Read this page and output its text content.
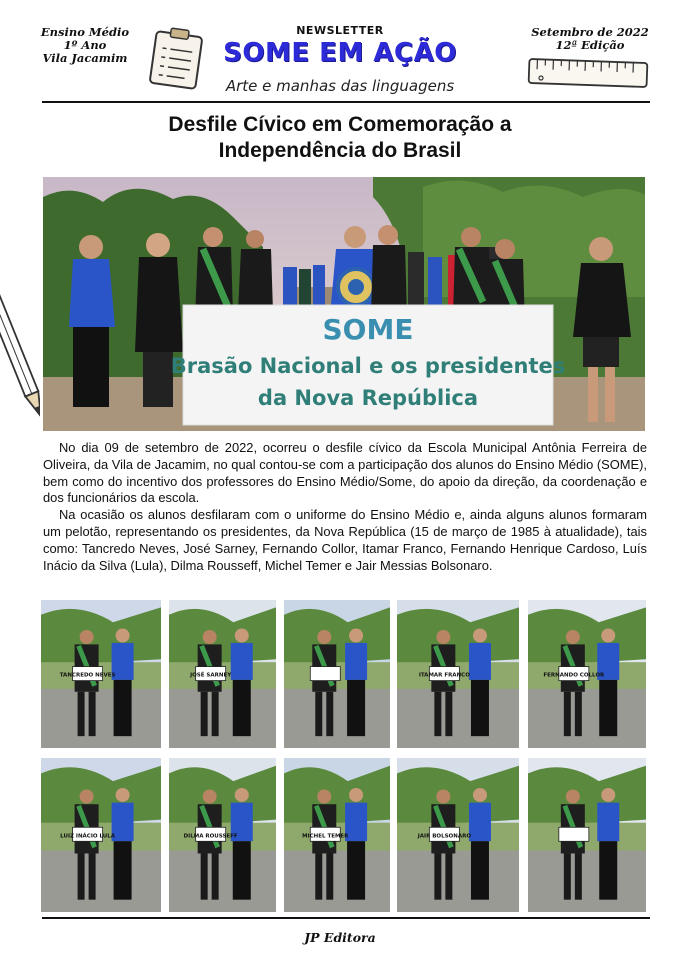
Ensino Médio
1º Ano
Vila Jacamim
NEWSLETTER
SOME EM AÇÃO
Arte e manhas das linguagens
Setembro de 2022
12ª Edição
Desfile Cívico em Comemoração a
Independência do Brasil
SOME
Brasão Nacional e os presidentes
da Nova República

No dia 09 de setembro de 2022, ocorreu o desfile cívico da Escola Municipal Antônia Ferreira de Oliveira, da Vila de Jacamim, no qual contou-se com a participação dos alunos do Ensino Médio (SOME), bem como do incentivo dos professores do Ensino Médio/Some, do apoio da direção, da coordenação e dos funcionários da escola.

Na ocasião os alunos desfilaram com o uniforme do Ensino Médio e, ainda alguns alunos formaram um pelotão, representando os presidentes, da Nova República (15 de março de 1985 à atualidade), tais como: Tancredo Neves, José Sarney, Fernando Collor, Itamar Franco, Fernando Henrique Cardoso, Luís Inácio da Silva (Lula), Dilma Rousseff, Michel Temer e Jair Messias Bolsonaro.

TANCREDO NEVES	JOSÉ SARNEY	ITAMAR FRANCO	FERNANDO COLLOR
LUIZ INÁCIO LULA	DILMA ROUSSEFF	MICHEL TEMER	JAIR BOLSONARO
JP Editora
